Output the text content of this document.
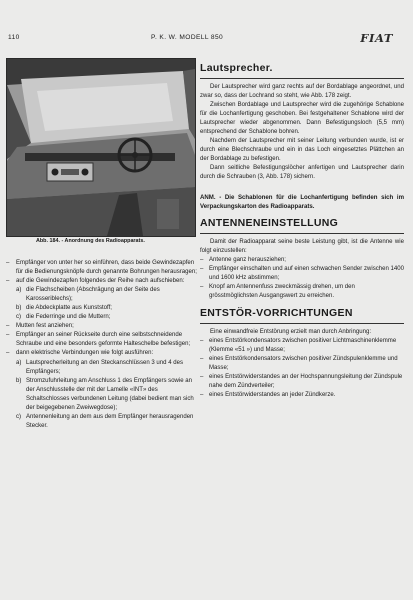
110	P. K. W. MODELL 850	FIAT
Abb. 184. - Anordnung des Radioapparats.

– Empfänger von unter her so einführen, dass beide Gewindezapfen für die Bedienungsknöpfe durch genannte Bohrungen herausragen;

– auf die Gewindezapfen folgendes der Reihe nach aufschieben:

a) die Flachscheiben (Abschrägung an der Seite des Karosseriblechs);

b) die Abdeckplatte aus Kunststoff;

c) die Federringe und die Muttern;

– Mutten fest anziehen;

– Empfänger an seiner Rückseite durch eine selbstschneidende Schraube und eine besonders geformte Halteschelbe befestigen;

– dann elektrische Verbindungen wie folgt ausführen:

a) Lautsprecherleitung an den Steckanschlüssen 3 und 4 des Empfängers;

b) Stromzufuhrleitung am Anschluss 1 des Empfängers sowie an der Anschlusstelle der mit der Lamelle «INT» des Schaltschlosses verbundenen Leitung (dabei bedient man sich der beigegebenen Zweiwegdose);

c) Antennenleitung an dem aus dem Empfänger herausragenden Stecker.

Lautsprecher.

Der Lautsprecher wird ganz rechts auf der Bordablage angeordnet, und zwar so, dass der Lochrand so steht, wie Abb. 178 zeigt.

Zwischen Bordablage und Lautsprecher wird die zugehörige Schablone für die Lochanfertigung geschoben. Bei festgehaltener Schablone wird der Lautsprecher wieder abgenommen. Dann Befestigungsloch (5,5 mm) entsprechend der Schablone bohren.

Nachdem der Lautsprecher mit seiner Leitung verbunden wurde, ist er durch eine Blechschraube und ein in das Loch eingesetztes Plättchen an der Bordablage zu befestigen.

Dann seitliche Befestigungslöcher anfertigen und Lautsprecher darin durch die Schrauben (3, Abb. 178) sichern.

ANM. - Die Schablonen für die Lochanfertigung befinden sich im Verpackungskarton des Radioapparats.

ANTENNENEINSTELLUNG

Damit der Radioapparat seine beste Leistung gibt, ist die Antenne wie folgt einzustellen:

– Antenne ganz herausziehen;

– Empfänger einschalten und auf einen schwachen Sender zwischen 1400 und 1600 kHz abstimmen;

– Knopf am Antennenfuss zweckmässig drehen, um den grösstmöglichsten Ausgangswert zu erreichen.

ENTSTÖR-VORRICHTUNGEN

Eine einwandfreie Entstörung erzielt man durch Anbringung:

– eines Entstörkondensators zwischen positiver Lichtmaschinenklemme (Klemme «51 ») und Masse;

– eines Entstörkondensators zwischen positiver Zündspulenklemme und Masse;

– eines Entstörwiderstandes an der Hochspannungsleitung der Zündspule nahe dem Zündverteiler;

– eines Entstörwiderstandes an jeder Zündkerze.
